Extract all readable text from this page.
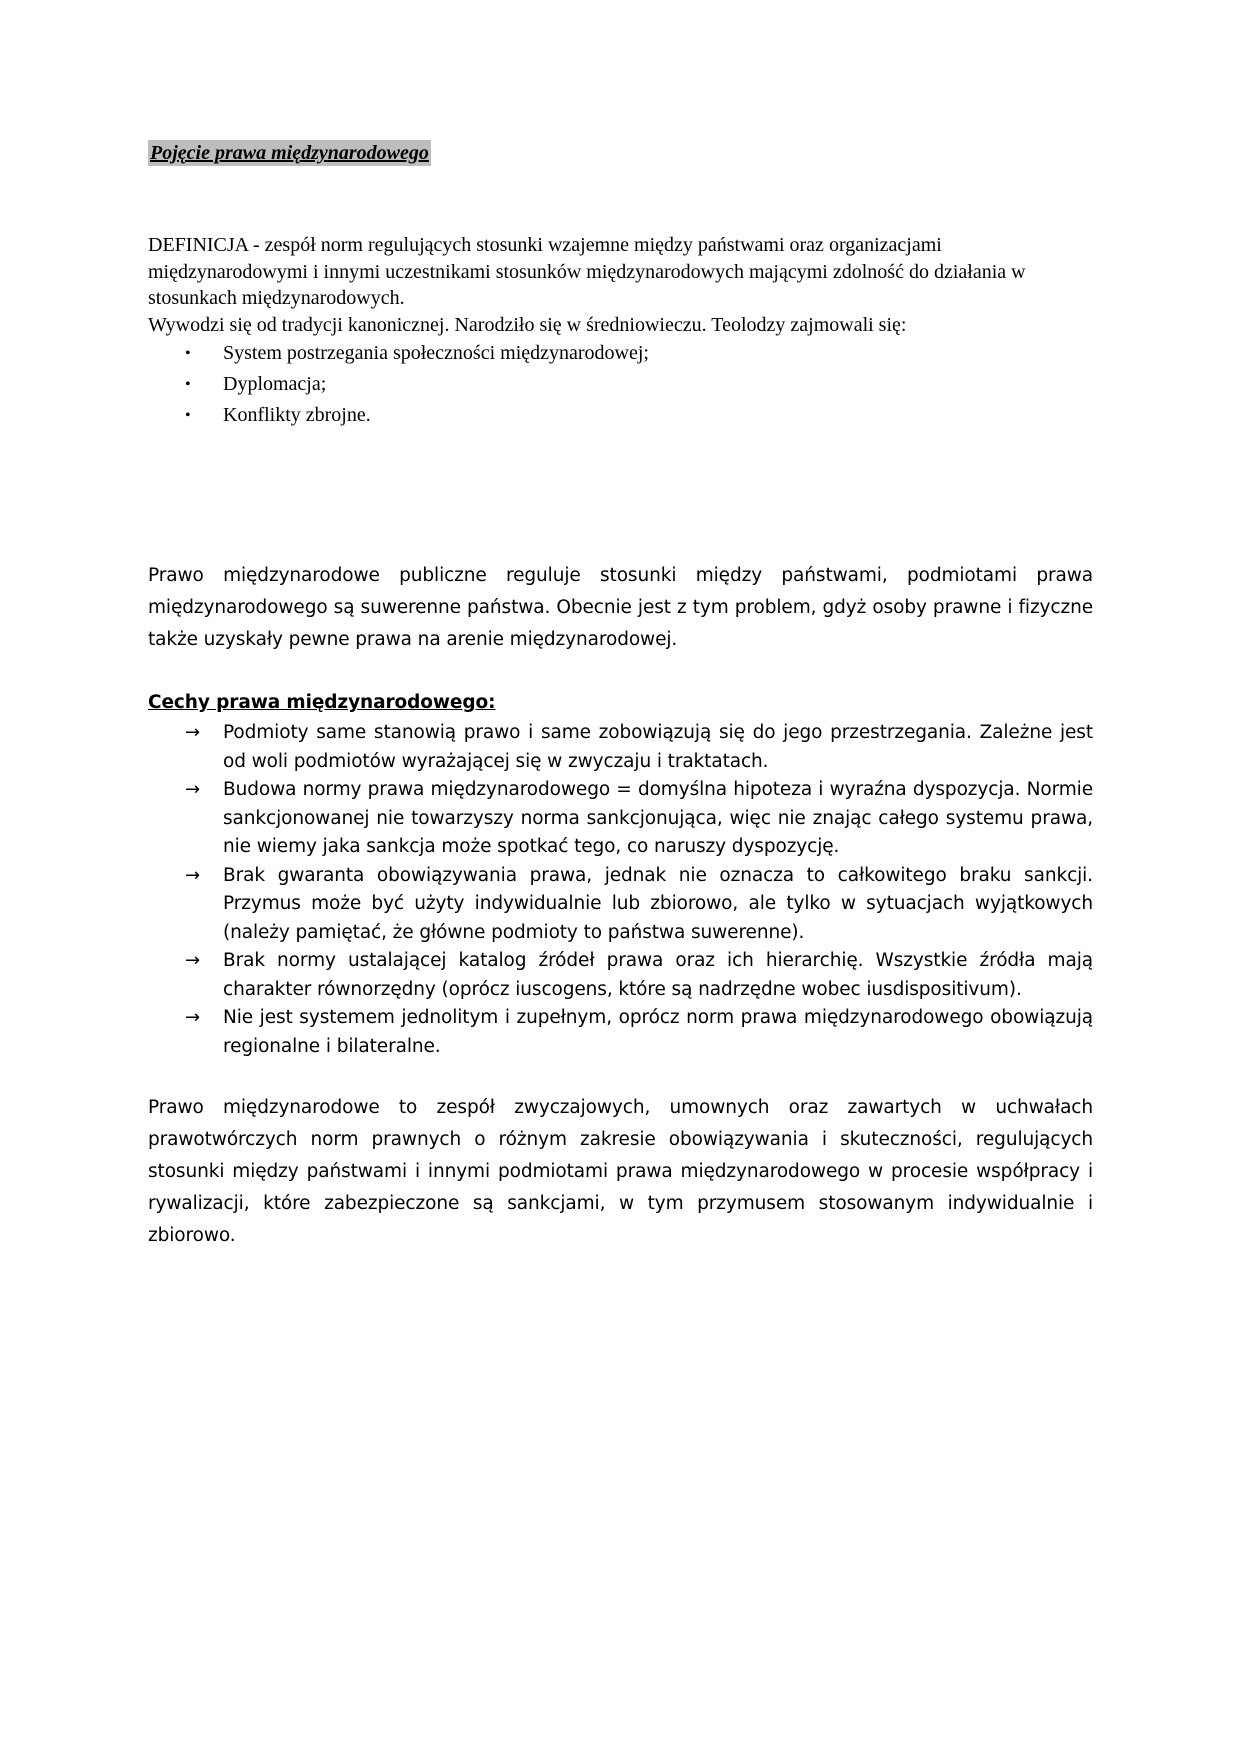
Pojęcie prawa międzynarodowego

DEFINICJA - zespół norm regulujących stosunki wzajemne między państwami oraz organizacjami międzynarodowymi i innymi uczestnikami stosunków międzynarodowych mającymi zdolność do działania w stosunkach międzynarodowych.

Wywodzi się od tradycji kanonicznej. Narodziło się w średniowieczu. Teolodzy zajmowali się:

• System postrzegania społeczności międzynarodowej;
• Dyplomacja;
• Konflikty zbrojne.

Prawo międzynarodowe publiczne reguluje stosunki między państwami, podmiotami prawa międzynarodowego są suwerenne państwa. Obecnie jest z tym problem, gdyż osoby prawne i fizyczne także uzyskały pewne prawa na arenie międzynarodowej.

Cechy prawa międzynarodowego:
→ Podmioty same stanowią prawo i same zobowiązują się do jego przestrzegania. Zależne jest od woli podmiotów wyrażającej się w zwyczaju i traktatach.
→ Budowa normy prawa międzynarodowego = domyślna hipoteza i wyraźna dyspozycja. Normie sankcjonowanej nie towarzyszy norma sankcjonująca, więc nie znając całego systemu prawa, nie wiemy jaka sankcja może spotkać tego, co naruszy dyspozycję.
→ Brak gwaranta obowiązywania prawa, jednak nie oznacza to całkowitego braku sankcji. Przymus może być użyty indywidualnie lub zbiorowo, ale tylko w sytuacjach wyjątkowych (należy pamiętać, że główne podmioty to państwa suwerenne).
→ Brak normy ustalającej katalog źródeł prawa oraz ich hierarchię. Wszystkie źródła mają charakter równorzędny (oprócz iuscogens, które są nadrzędne wobec iusdispositivum).
→ Nie jest systemem jednolitym i zupełnym, oprócz norm prawa międzynarodowego obowiązują regionalne i bilateralne.

Prawo międzynarodowe to zespół zwyczajowych, umownych oraz zawartych w uchwałach prawotwórczych norm prawnych o różnym zakresie obowiązywania i skuteczności, regulujących stosunki między państwami i innymi podmiotami prawa międzynarodowego w procesie współpracy i rywalizacji, które zabezpieczone są sankcjami, w tym przymusem stosowanym indywidualnie i zbiorowo.
